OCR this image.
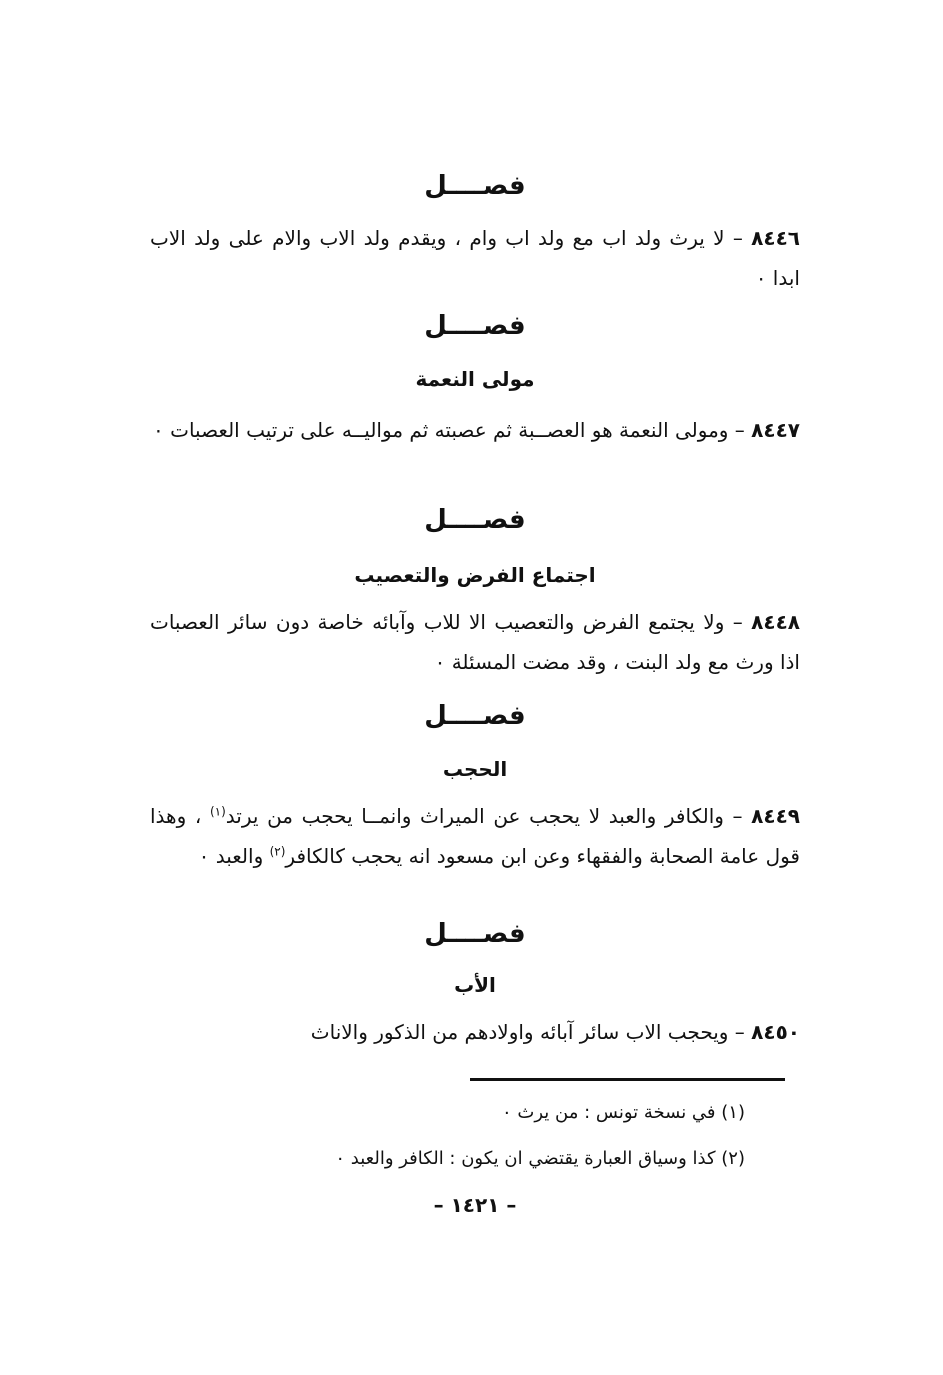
فصــــل

٨٤٤٦ – لا يرث ولد اب مع ولد اب وام ، ويقدم ولد الاب والام على ولد الاب ابدا ٠

فصــــل
مولى النعمة

٨٤٤٧ – ومولى النعمة هو العصــبة ثم عصبته ثم مواليــه على ترتيب العصبات ٠

فصــــل
اجتماع الفرض والتعصيب

٨٤٤٨ – ولا يجتمع الفرض والتعصيب الا للاب وآبائه خاصة دون سائر العصبات اذا ورث مع ولد البنت ، وقد مضت المسئلة ٠

فصــــل
الحجب

٨٤٤٩ – والكافر والعبد لا يحجب عن الميراث وانمــا يحجب من يرتد$^{(١)}$ ، وهذا قول عامة الصحابة والفقهاء وعن ابن مسعود انه يحجب كالكافر$^{(٢)}$ والعبد ٠

فصــــل
الأب

٨٤٥٠ – ويحجب الاب سائر آبائه واولادهم من الذكور والاناث

(١) في نسخة تونس : من يرث ٠

(٢) كذا وسياق العبارة يقتضي ان يكون : الكافر والعبد ٠

– ١٤٢١ –
